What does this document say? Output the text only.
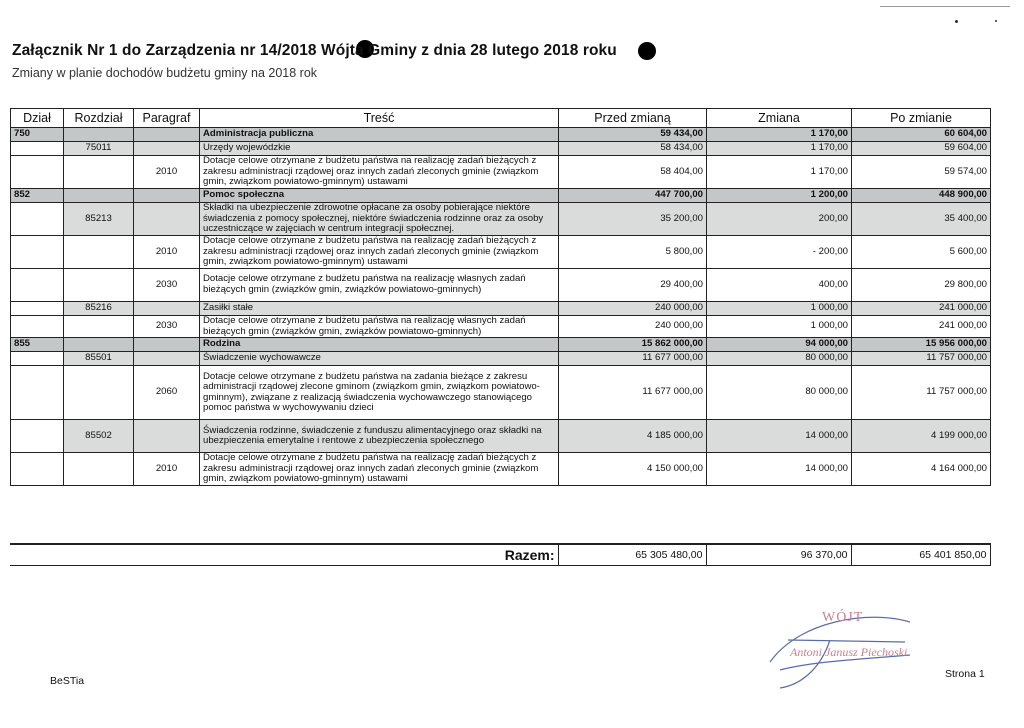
Załącznik Nr 1 do Zarządzenia nr 14/2018 Wójta Gminy z dnia 28 lutego 2018 roku

Zmiany w planie dochodów budżetu gminy na 2018 rok

Dział	Rozdział	Paragraf	Treść	Przed zmianą	Zmiana	Po zmianie
750			Administracja publiczna	59 434,00	1 170,00	60 604,00
	75011		Urzędy wojewódzkie	58 434,00	1 170,00	59 604,00
		2010	Dotacje celowe otrzymane z budżetu państwa na realizację zadań bieżących z zakresu administracji rządowej oraz innych zadań zleconych gminie (związkom gmin, związkom powiatowo-gminnym) ustawami	58 404,00	1 170,00	59 574,00
852			Pomoc społeczna	447 700,00	1 200,00	448 900,00
	85213		Składki na ubezpieczenie zdrowotne opłacane za osoby pobierające niektóre świadczenia z pomocy społecznej, niektóre świadczenia rodzinne oraz za osoby uczestniczące w zajęciach w centrum integracji społecznej.	35 200,00	200,00	35 400,00
		2010	Dotacje celowe otrzymane z budżetu państwa na realizację zadań bieżących z zakresu administracji rządowej oraz innych zadań zleconych gminie (związkom gmin, związkom powiatowo-gminnym) ustawami	5 800,00	- 200,00	5 600,00
		2030	Dotacje celowe otrzymane z budżetu państwa na realizację własnych zadań bieżących gmin (związków gmin, związków powiatowo-gminnych)	29 400,00	400,00	29 800,00
	85216		Zasiłki stałe	240 000,00	1 000,00	241 000,00
		2030	Dotacje celowe otrzymane z budżetu państwa na realizację własnych zadań bieżących gmin (związków gmin, związków powiatowo-gminnych)	240 000,00	1 000,00	241 000,00
855			Rodzina	15 862 000,00	94 000,00	15 956 000,00
	85501		Świadczenie wychowawcze	11 677 000,00	80 000,00	11 757 000,00
		2060	Dotacje celowe otrzymane z budżetu państwa na zadania bieżące z zakresu administracji rządowej zlecone gminom (związkom gmin, związkom powiatowo-gminnym), związane z realizacją świadczenia wychowawczego stanowiącego pomoc państwa w wychowywaniu dzieci	11 677 000,00	80 000,00	11 757 000,00
	85502		Świadczenia rodzinne, świadczenie z funduszu alimentacyjnego oraz składki na ubezpieczenia emerytalne i rentowe z ubezpieczenia społecznego	4 185 000,00	14 000,00	4 199 000,00
		2010	Dotacje celowe otrzymane z budżetu państwa na realizację zadań bieżących z zakresu administracji rządowej oraz innych zadań zleconych gminie (związkom gmin, związkom powiatowo-gminnym) ustawami	4 150 000,00	14 000,00	4 164 000,00
Razem:	65 305 480,00	96 370,00	65 401 850,00
WÓJT
Antoni Janusz Piechoski
BeSTia
Strona 1
